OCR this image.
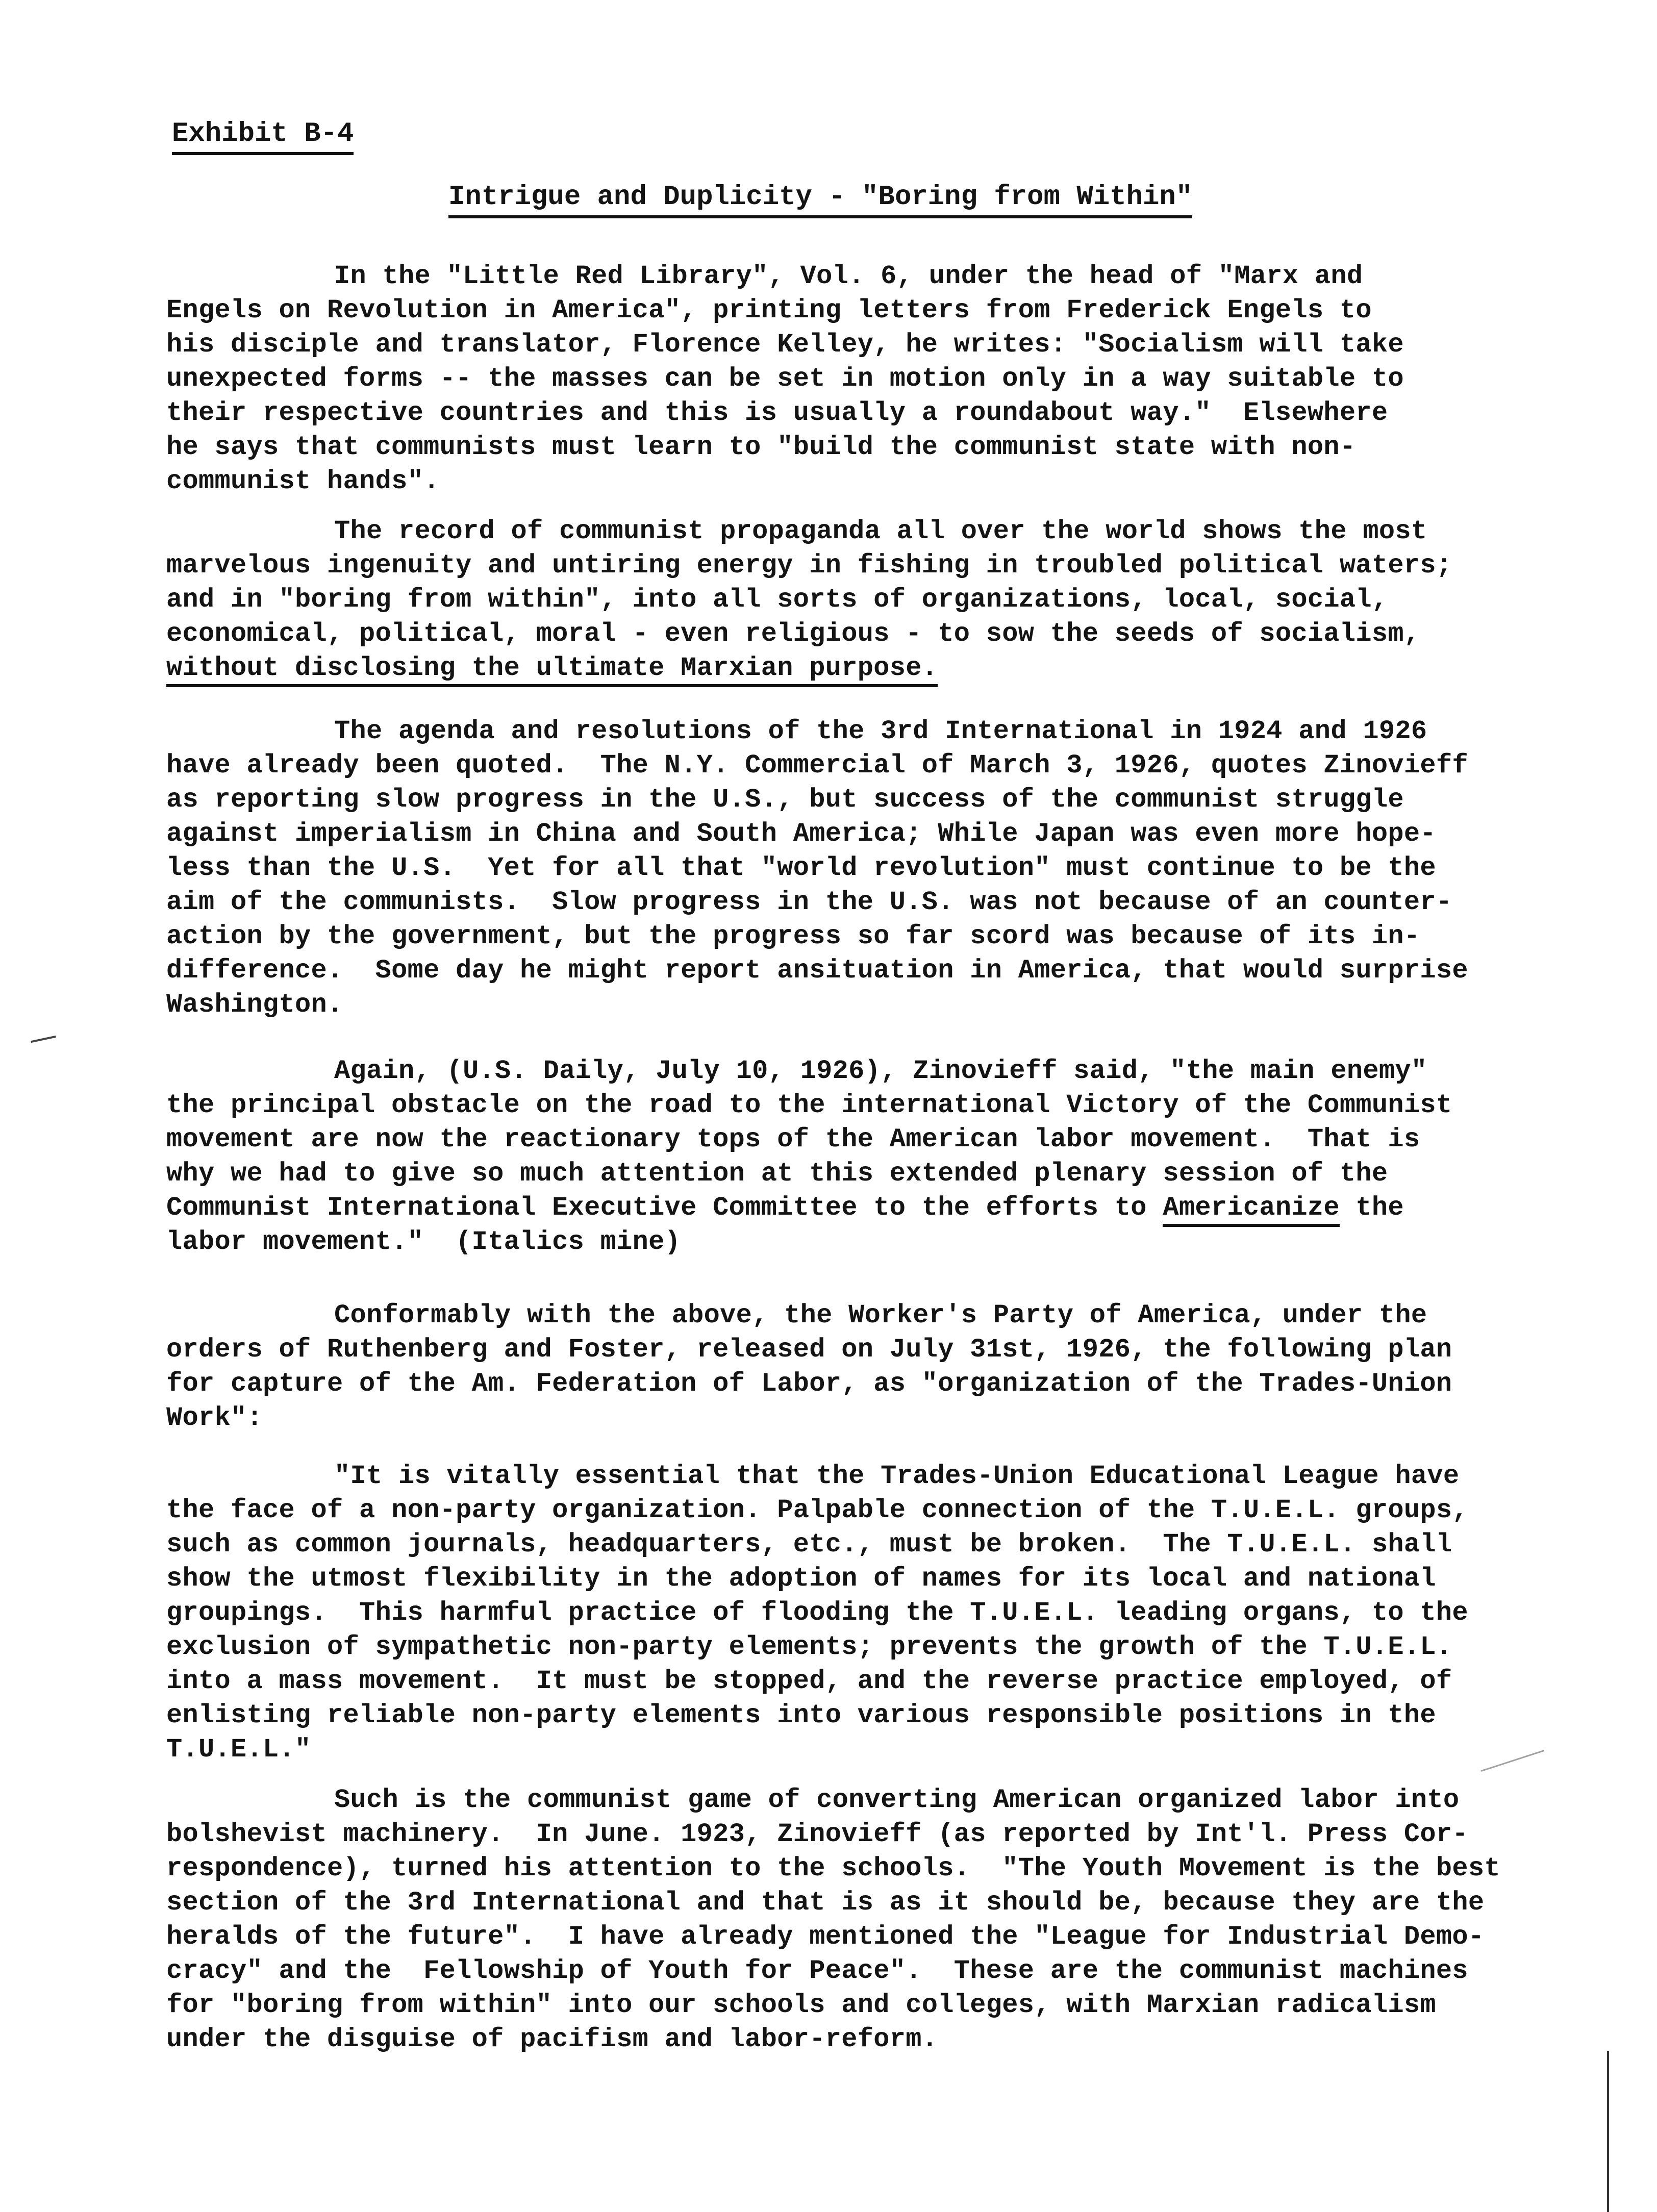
Exhibit B-4
Intrigue and Duplicity - "Boring from Within"
In the "Little Red Library", Vol. 6, under the head of "Marx and
Engels on Revolution in America", printing letters from Frederick Engels to
his disciple and translator, Florence Kelley, he writes: "Socialism will take
unexpected forms -- the masses can be set in motion only in a way suitable to
their respective countries and this is usually a roundabout way."  Elsewhere
he says that communists must learn to "build the communist state with non-
communist hands".
The record of communist propaganda all over the world shows the most
marvelous ingenuity and untiring energy in fishing in troubled political waters;
and in "boring from within", into all sorts of organizations, local, social,
economical, political, moral - even religious - to sow the seeds of socialism,
without disclosing the ultimate Marxian purpose.
The agenda and resolutions of the 3rd International in 1924 and 1926
have already been quoted.  The N.Y. Commercial of March 3, 1926, quotes Zinovieff
as reporting slow progress in the U.S., but success of the communist struggle
against imperialism in China and South America; While Japan was even more hope-
less than the U.S.  Yet for all that "world revolution" must continue to be the
aim of the communists.  Slow progress in the U.S. was not because of an counter-
action by the government, but the progress so far scord was because of its in-
difference.  Some day he might report ansituation in America, that would surprise
Washington.
Again, (U.S. Daily, July 10, 1926), Zinovieff said, "the main enemy"
the principal obstacle on the road to the international Victory of the Communist
movement are now the reactionary tops of the American labor movement.  That is
why we had to give so much attention at this extended plenary session of the
Communist International Executive Committee to the efforts to Americanize the
labor movement."  (Italics mine)
Conformably with the above, the Worker's Party of America, under the
orders of Ruthenberg and Foster, released on July 31st, 1926, the following plan
for capture of the Am. Federation of Labor, as "organization of the Trades-Union
Work":
"It is vitally essential that the Trades-Union Educational League have
the face of a non-party organization. Palpable connection of the T.U.E.L. groups,
such as common journals, headquarters, etc., must be broken.  The T.U.E.L. shall
show the utmost flexibility in the adoption of names for its local and national
groupings.  This harmful practice of flooding the T.U.E.L. leading organs, to the
exclusion of sympathetic non-party elements; prevents the growth of the T.U.E.L.
into a mass movement.  It must be stopped, and the reverse practice employed, of
enlisting reliable non-party elements into various responsible positions in the
T.U.E.L."
Such is the communist game of converting American organized labor into
bolshevist machinery.  In June. 1923, Zinovieff (as reported by Int'l. Press Cor-
respondence), turned his attention to the schools.  "The Youth Movement is the best
section of the 3rd International and that is as it should be, because they are the
heralds of the future".  I have already mentioned the "League for Industrial Demo-
cracy" and the  Fellowship of Youth for Peace".  These are the communist machines
for "boring from within" into our schools and colleges, with Marxian radicalism
under the disguise of pacifism and labor-reform.
